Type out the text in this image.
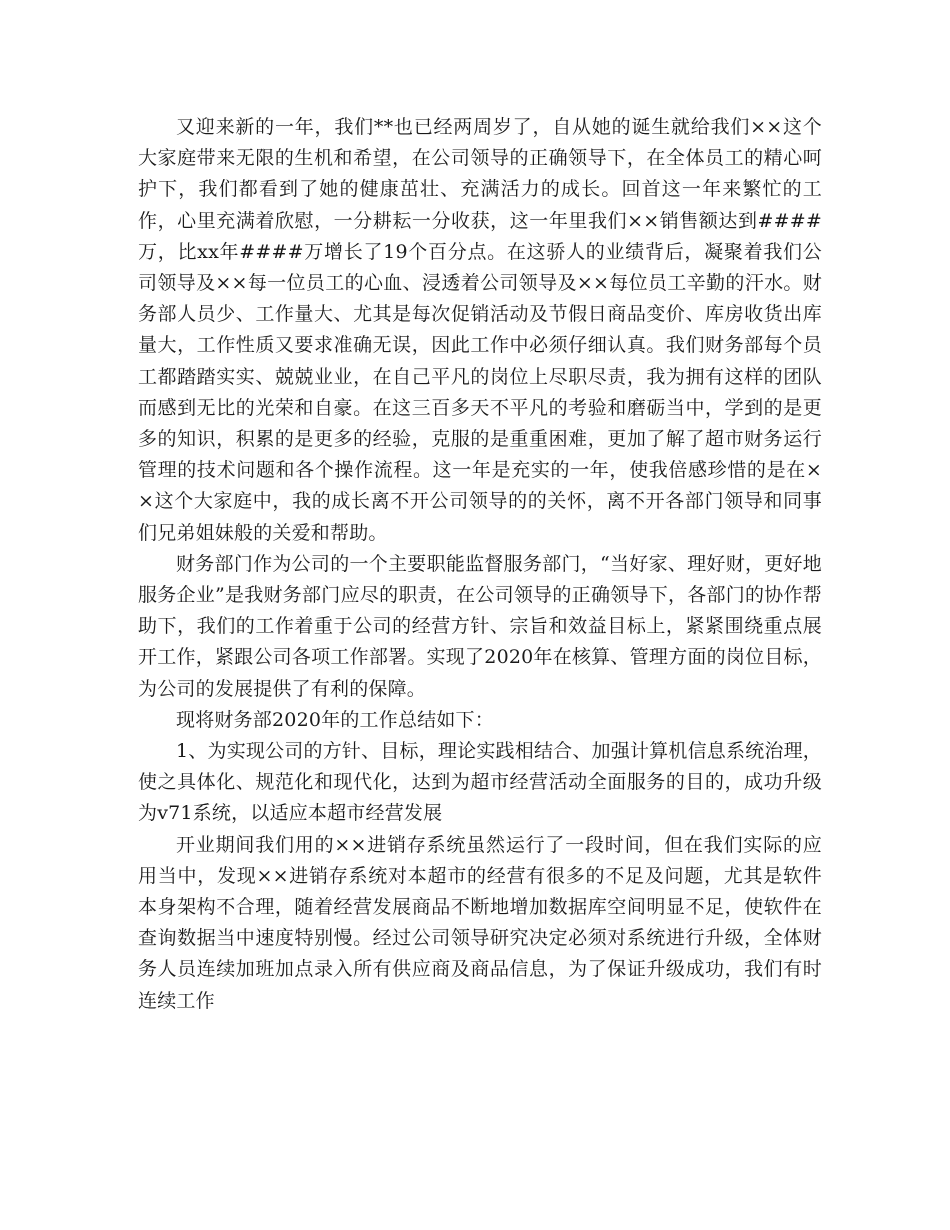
又迎来新的一年，我们**也已经两周岁了，自从她的诞生就给我们××这个大家庭带来无限的生机和希望，在公司领导的正确领导下，在全体员工的精心呵护下，我们都看到了她的健康茁壮、充满活力的成长。回首这一年来繁忙的工作，心里充满着欣慰，一分耕耘一分收获，这一年里我们××销售额达到####万，比xx年####万增长了19个百分点。在这骄人的业绩背后，凝聚着我们公司领导及××每一位员工的心血、浸透着公司领导及××每位员工辛勤的汗水。财务部人员少、工作量大、尤其是每次促销活动及节假日商品变价、库房收货出库量大，工作性质又要求准确无误，因此工作中必须仔细认真。我们财务部每个员工都踏踏实实、兢兢业业，在自己平凡的岗位上尽职尽责，我为拥有这样的团队而感到无比的光荣和自豪。在这三百多天不平凡的考验和磨砺当中，学到的是更多的知识，积累的是更多的经验，克服的是重重困难，更加了解了超市财务运行管理的技术问题和各个操作流程。这一年是充实的一年，使我倍感珍惜的是在××这个大家庭中，我的成长离不开公司领导的的关怀，离不开各部门领导和同事们兄弟姐妹般的关爱和帮助。

财务部门作为公司的一个主要职能监督服务部门，“当好家、理好财，更好地服务企业”是我财务部门应尽的职责，在公司领导的正确领导下，各部门的协作帮助下，我们的工作着重于公司的经营方针、宗旨和效益目标上，紧紧围绕重点展开工作，紧跟公司各项工作部署。实现了2020年在核算、管理方面的岗位目标，为公司的发展提供了有利的保障。

现将财务部2020年的工作总结如下：

1、为实现公司的方针、目标，理论实践相结合、加强计算机信息系统治理，使之具体化、规范化和现代化，达到为超市经营活动全面服务的目的，成功升级为v71系统，以适应本超市经营发展

开业期间我们用的××进销存系统虽然运行了一段时间，但在我们实际的应用当中，发现××进销存系统对本超市的经营有很多的不足及问题，尤其是软件本身架构不合理，随着经营发展商品不断地增加数据库空间明显不足，使软件在查询数据当中速度特别慢。经过公司领导研究决定必须对系统进行升级，全体财务人员连续加班加点录入所有供应商及商品信息，为了保证升级成功，我们有时连续工作
